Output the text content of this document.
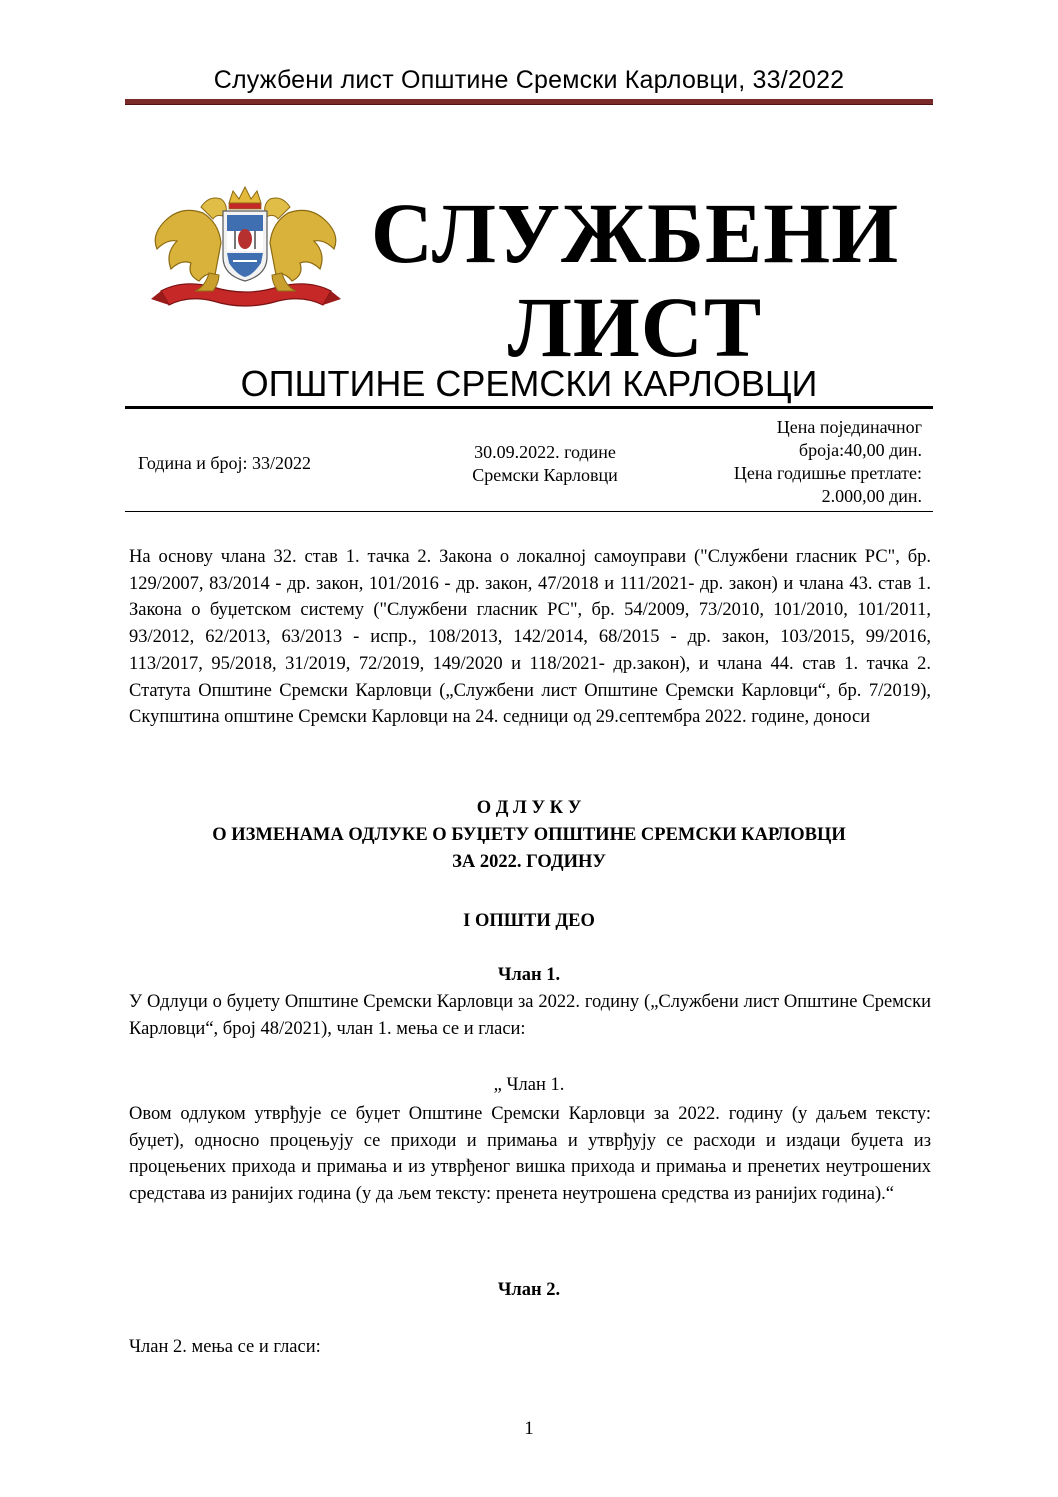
Службени лист Општине Сремски Карловци, 33/2022
СЛУЖБЕНИ
ЛИСТ
ОПШТИНЕ СРЕМСКИ КАРЛОВЦИ
Година и број: 33/2022
30.09.2022. године
Сремски Карловци
Цена појединачног
броја:40,00 дин.
Цена годишње претлате:
2.000,00 дин.
На основу члана 32. став 1. тачка 2. Закона о локалној самоуправи ("Службени гласник РС", бр. 129/2007, 83/2014 - др. закон, 101/2016 - др. закон, 47/2018 и 111/2021- др. закон) и члана 43. став 1. Закона о буџетском систему ("Службени гласник РС", бр. 54/2009, 73/2010, 101/2010, 101/2011, 93/2012, 62/2013, 63/2013 - испр., 108/2013, 142/2014, 68/2015 - др. закон, 103/2015, 99/2016, 113/2017, 95/2018, 31/2019, 72/2019, 149/2020 и 118/2021- др.закон), и члана 44. став 1. тачка 2. Статута Општине Сремски Карловци („Службени лист Општине Сремски Карловци“, бр. 7/2019), Скупштина општине Сремски Карловци на 24. седници од 29.септембра 2022. године, доноси
О Д Л У К У
О ИЗМЕНАМА ОДЛУКЕ О БУЏЕТУ ОПШТИНЕ СРЕМСКИ КАРЛОВЦИ
ЗА 2022. ГОДИНУ
I ОПШТИ ДЕО
Члан 1.
У Одлуци о буџету Општине Сремски Карловци за 2022. годину („Службени лист Општине Сремски Карловци“, број 48/2021), члан 1. мења се и гласи:
„ Члан 1.
Овом одлуком утврђује се буџет Општине Сремски Карловци за 2022. годину (у даљем тексту: буџет), односно процењују се приходи и примања и утврђују се расходи и издаци буџета из процењених прихода и примања и из утврђеног вишка прихода и примања и пренетих неутрошених средстава из ранијих година (у да љем тексту: пренета неутрошена средства из ранијих година).“
Члан 2.
Члан 2. мења се и гласи:
1
